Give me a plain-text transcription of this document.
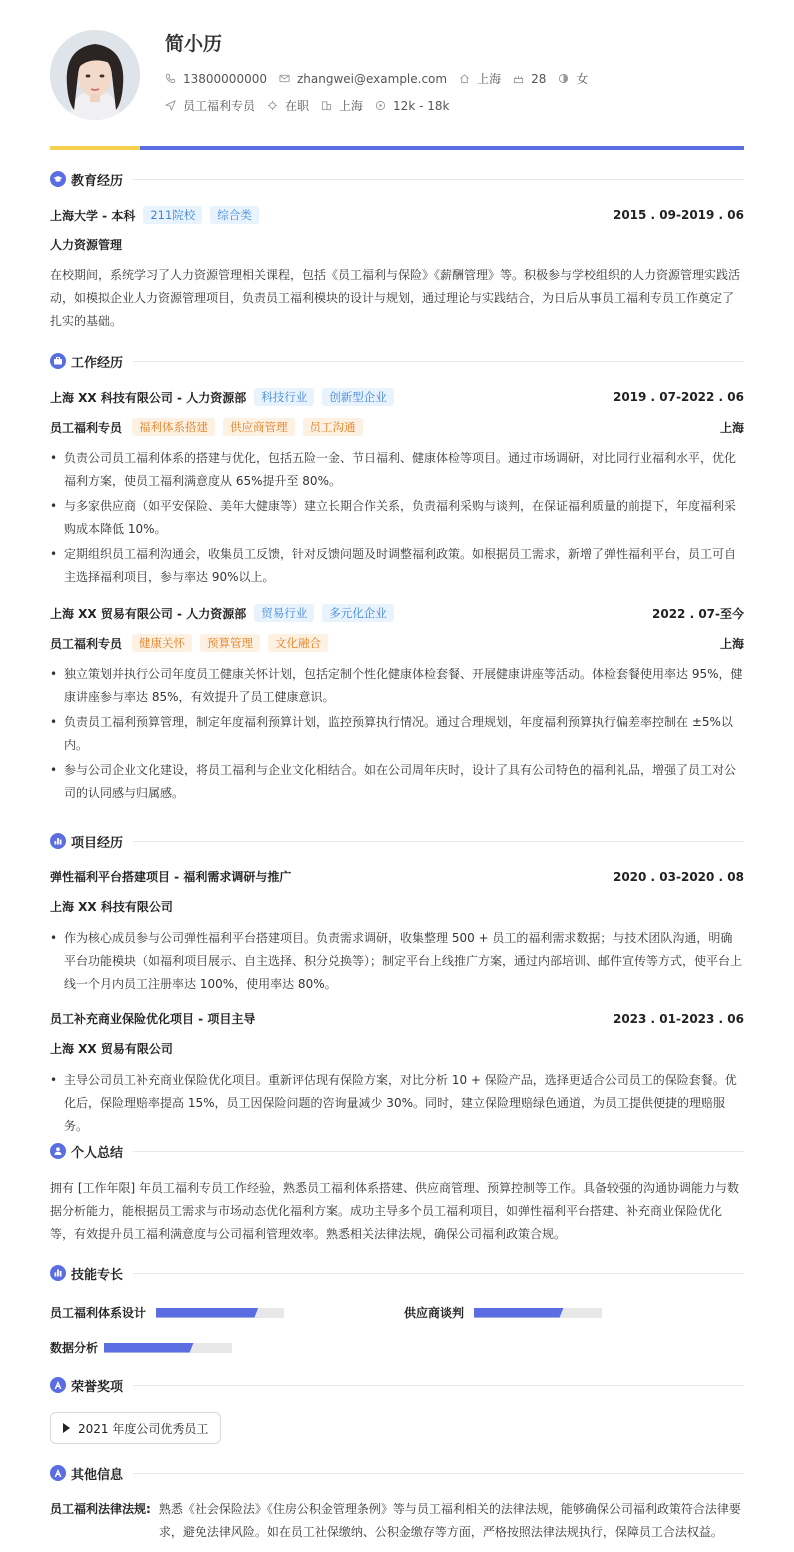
简小历
13800000000	zhangwei@example.com	上海	28	女
员工福利专员	在职	上海	12k - 18k
教育经历
上海大学 - 本科	211院校	综合类	2015 . 09-2019 . 06
人力资源管理
在校期间，系统学习了人力资源管理相关课程，包括《员工福利与保险》《薪酬管理》等。积极参与学校组织的人力资源管理实践活动，如模拟企业人力资源管理项目，负责员工福利模块的设计与规划，通过理论与实践结合，为日后从事员工福利专员工作奠定了扎实的基础。
工作经历
上海 XX 科技有限公司 - 人力资源部	科技行业	创新型企业	2019 . 07-2022 . 06
员工福利专员	福利体系搭建	供应商管理	员工沟通	上海
• 负责公司员工福利体系的搭建与优化，包括五险一金、节日福利、健康体检等项目。通过市场调研，对比同行业福利水平，优化福利方案，使员工福利满意度从 65%提升至 80%。
• 与多家供应商（如平安保险、美年大健康等）建立长期合作关系，负责福利采购与谈判，在保证福利质量的前提下，年度福利采购成本降低 10%。
• 定期组织员工福利沟通会，收集员工反馈，针对反馈问题及时调整福利政策。如根据员工需求，新增了弹性福利平台，员工可自主选择福利项目，参与率达 90%以上。
上海 XX 贸易有限公司 - 人力资源部	贸易行业	多元化企业	2022 . 07-至今
员工福利专员	健康关怀	预算管理	文化融合	上海
• 独立策划并执行公司年度员工健康关怀计划，包括定制个性化健康体检套餐、开展健康讲座等活动。体检套餐使用率达 95%，健康讲座参与率达 85%，有效提升了员工健康意识。
• 负责员工福利预算管理，制定年度福利预算计划，监控预算执行情况。通过合理规划，年度福利预算执行偏差率控制在 ±5%以内。
• 参与公司企业文化建设，将员工福利与企业文化相结合。如在公司周年庆时，设计了具有公司特色的福利礼品，增强了员工对公司的认同感与归属感。
项目经历
弹性福利平台搭建项目 - 福利需求调研与推广	2020 . 03-2020 . 08
上海 XX 科技有限公司
• 作为核心成员参与公司弹性福利平台搭建项目。负责需求调研，收集整理 500 + 员工的福利需求数据；与技术团队沟通，明确平台功能模块（如福利项目展示、自主选择、积分兑换等）；制定平台上线推广方案，通过内部培训、邮件宣传等方式，使平台上线一个月内员工注册率达 100%，使用率达 80%。
员工补充商业保险优化项目 - 项目主导	2023 . 01-2023 . 06
上海 XX 贸易有限公司
• 主导公司员工补充商业保险优化项目。重新评估现有保险方案，对比分析 10 + 保险产品，选择更适合公司员工的保险套餐。优化后，保险理赔率提高 15%，员工因保险问题的咨询量减少 30%。同时，建立保险理赔绿色通道，为员工提供便捷的理赔服务。
个人总结
拥有 [工作年限] 年员工福利专员工作经验，熟悉员工福利体系搭建、供应商管理、预算控制等工作。具备较强的沟通协调能力与数据分析能力，能根据员工需求与市场动态优化福利方案。成功主导多个员工福利项目，如弹性福利平台搭建、补充商业保险优化等，有效提升员工福利满意度与公司福利管理效率。熟悉相关法律法规，确保公司福利政策合规。
技能专长
员工福利体系设计	供应商谈判
数据分析
荣誉奖项
2021 年度公司优秀员工
其他信息
员工福利法律法规: 熟悉《社会保险法》《住房公积金管理条例》等与员工福利相关的法律法规，能够确保公司福利政策符合法律要求，避免法律风险。如在员工社保缴纳、公积金缴存等方面，严格按照法律法规执行，保障员工合法权益。
